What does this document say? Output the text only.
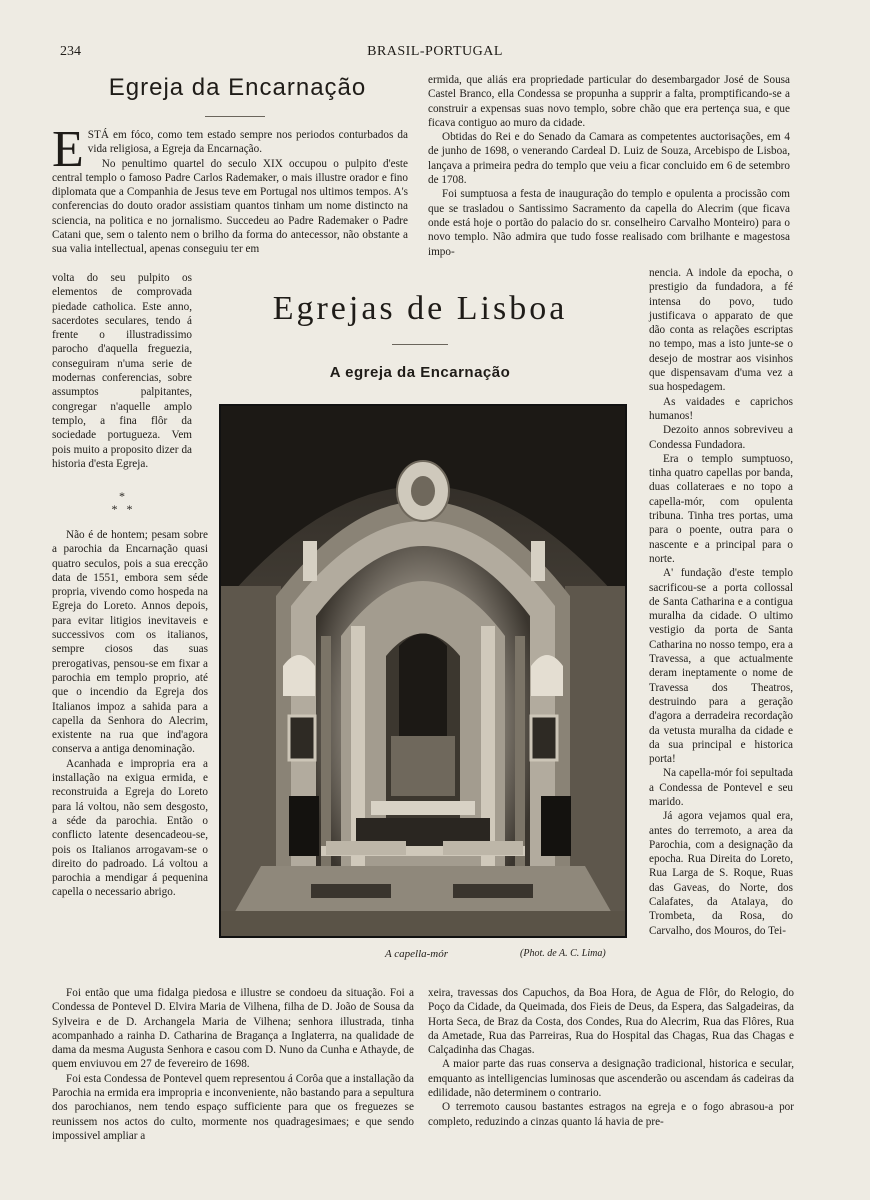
234	BRASIL-PORTUGAL
Egreja da Encarnação
E STÁ em fóco, como tem estado sempre nos periodos conturbados da vida religiosa, a Egreja da Encarnação.

No penultimo quartel do seculo XIX occupou o pulpito d'este central templo o famoso Padre Carlos Rademaker, o mais illustre orador e fino diplomata que a Companhia de Jesus teve em Portugal nos ultimos tempos. A's conferencias do douto orador assistiam quantos tinham um nome distincto na sciencia, na politica e no jornalismo. Succedeu ao Padre Rademaker o Padre Catani que, sem o talento nem o brilho da forma do antecessor, não obstante a sua valia intellectual, apenas conseguiu ter em

volta do seu pulpito os elementos de comprovada piedade catholica. Este anno, sacerdotes seculares, tendo á frente o illustradissimo parocho d'aquella freguezia, conseguiram n'uma serie de modernas conferencias, sobre assumptos palpitantes, congregar n'aquelle amplo templo, a fina flôr da sociedade portugueza. Vem pois muito a proposito dizer da historia d'esta Egreja.

*
*   *

Não é de hontem; pesam sobre a parochia da Encarnação quasi quatro seculos, pois a sua erecção data de 1551, embora sem séde propria, vivendo como hospeda na Egreja do Loreto. Annos depois, para evitar litigios inevitaveis e successivos com os italianos, sempre ciosos das suas prerogativas, pensou-se em fixar a parochia em templo proprio, até que o incendio da Egreja dos Italianos impoz a sahida para a capella da Senhora do Alecrim, existente na rua que ind'agora conserva a antiga denominação.

Acanhada e impropria era a installação na exigua ermida, e reconstruida a Egreja do Loreto para lá voltou, não sem desgosto, a séde da parochia. Então o conflicto latente desencadeou-se, pois os Italianos arrogavam-se o direito do padroado. Lá voltou a parochia a mendigar á pequenina capella o necessario abrigo.

Foi então que uma fidalga piedosa e illustre se condoeu da situação. Foi a Condessa de Pontevel D. Elvira Maria de Vilhena, filha de D. João de Sousa da Sylveira e de D. Archangela Maria de Vilhena; senhora illustrada, tinha acompanhado a rainha D. Catharina de Bragança a Inglaterra, na qualidade de dama da mesma Augusta Senhora e casou com D. Nuno da Cunha e Athayde, de quem enviuvou em 27 de fevereiro de 1698.

Foi esta Condessa de Pontevel quem representou á Corôa que a installação da Parochia na ermida era impropria e inconveniente, não bastando para a sepultura dos parochianos, nem tendo espaço sufficiente para que os freguezes se reunissem nos actos do culto, mormente nos quadragesimaes; e que sendo impossivel ampliar a

ermida, que aliás era propriedade particular do desembargador José de Sousa Castel Branco, ella Condessa se propunha a supprir a falta, promptificando-se a construir a expensas suas novo templo, sobre chão que era pertença sua, e que ficava contiguo ao muro da cidade.

Obtidas do Rei e do Senado da Camara as competentes auctorisações, em 4 de junho de 1698, o venerando Cardeal D. Luiz de Souza, Arcebispo de Lisboa, lançava a primeira pedra do templo que veiu a ficar concluido em 6 de setembro de 1708.

Foi sumptuosa a festa de inauguração do templo e opulenta a procissão com que se trasladou o Santissimo Sacramento da capella do Alecrim (que ficava onde está hoje o portão do palacio do sr. conselheiro Carvalho Monteiro) para o novo templo. Não admira que tudo fosse realisado com brilhante e magestosa impo-

nencia. A indole da epocha, o prestigio da fundadora, a fé intensa do povo, tudo justificava o apparato de que dão conta as relações escriptas no tempo, mas a isto junte-se o desejo de mostrar aos visinhos que dispensavam d'uma vez a sua hospedagem.

As vaidades e caprichos humanos!

Dezoito annos sobreviveu a Condessa Fundadora.

Era o templo sumptuoso, tinha quatro capellas por banda, duas collateraes e no topo a capella-mór, com opulenta tribuna. Tinha tres portas, uma para o poente, outra para o nascente e a principal para o norte.

A' fundação d'este templo sacrificou-se a porta collossal de Santa Catharina e a contigua muralha da cidade. O ultimo vestigio da porta de Santa Catharina no nosso tempo, era a Travessa, a que actualmente deram ineptamente o nome de Travessa dos Theatros, destruindo para a geração d'agora a derradeira recordação da vetusta muralha da cidade e da sua principal e historica porta!

Na capella-mór foi sepultada a Condessa de Pontevel e seu marido.

Já agora vejamos qual era, antes do terremoto, a area da Parochia, com a designação da epocha. Rua Direita do Loreto, Rua Larga de S. Roque, Ruas das Gaveas, do Norte, dos Calafates, da Atalaya, do Trombeta, da Rosa, do Carvalho, dos Mouros, do Tei-

xeira, travessas dos Capuchos, da Boa Hora, de Agua de Flôr, do Relogio, do Poço da Cidade, da Queimada, dos Fieis de Deus, da Espera, das Salgadeiras, da Horta Seca, de Braz da Costa, dos Condes, Rua do Alecrim, Rua das Flôres, Rua da Ametade, Rua das Parreiras, Rua do Hospital das Chagas, Rua das Chagas e Calçadinha das Chagas.

A maior parte das ruas conserva a designação tradicional, historica e secular, emquanto as intelligencias luminosas que ascenderão ou ascendam ás cadeiras da edilidade, não determinem o contrario.

O terremoto causou bastantes estragos na egreja e o fogo abrasou-a por completo, reduzindo a cinzas quanto lá havia de pre-

Egrejas de Lisboa
A egreja da Encarnação
A capella-mór	(Phot. de A. C. Lima)
